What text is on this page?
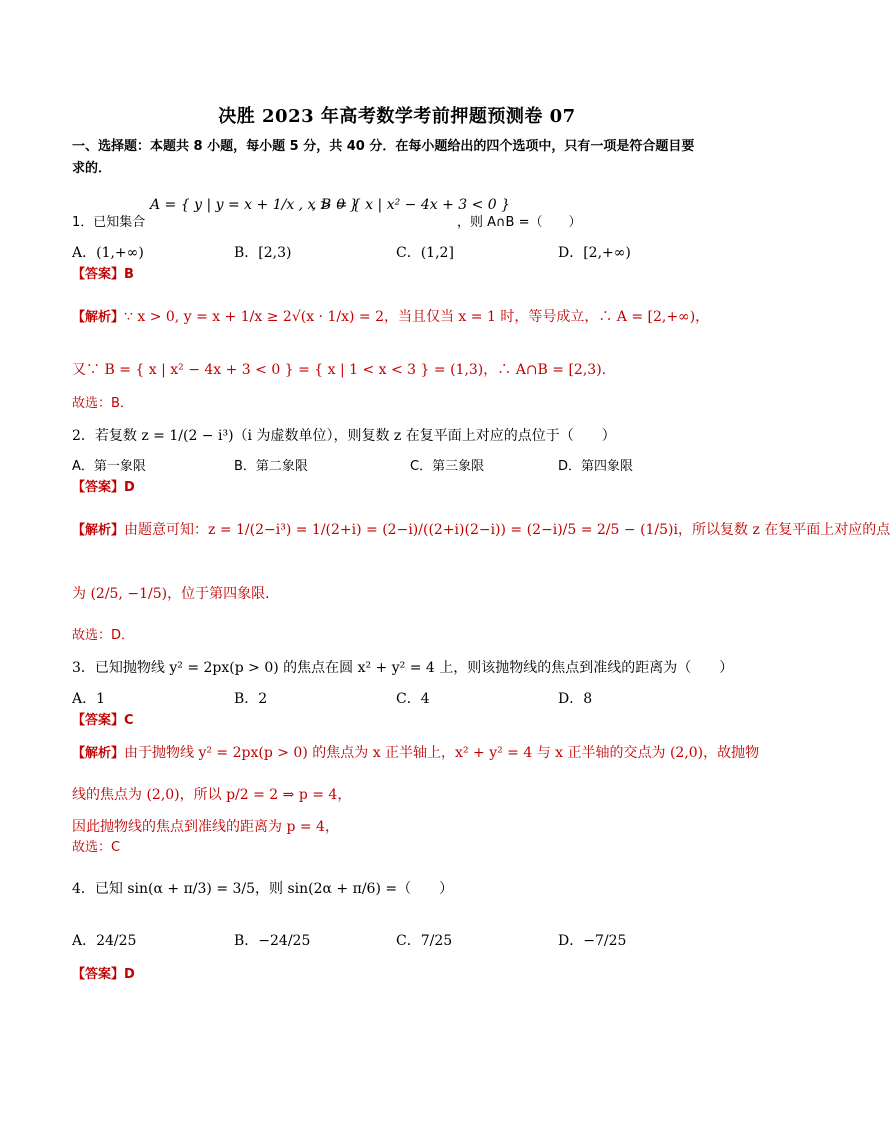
决胜 2023 年高考数学考前押题预测卷 07
一、选择题：本题共 8 小题，每小题 5 分，共 40 分．在每小题给出的四个选项中，只有一项是符合题目要
求的．
1．已知集合
A = { y | y = x + 1/x , x > 0 }
, B = { x | x² − 4x + 3 < 0 }
，则 A∩B =（　　）
A．(1,+∞)	B．[2,3)	C．(1,2]	D．[2,+∞)
【答案】B
【解析】∵ x > 0, y = x + 1/x ≥ 2√(x · 1/x) = 2，当且仅当 x = 1 时，等号成立，∴ A = [2,+∞)，
又∵ B = { x | x² − 4x + 3 < 0 } = { x | 1 < x < 3 } = (1,3)，∴ A∩B = [2,3)．
故选：B．
2．若复数 z = 1/(2 − i³)（i 为虚数单位），则复数 z 在复平面上对应的点位于（　　）
A．第一象限	B．第二象限	C．第三象限	D．第四象限
【答案】D
【解析】由题意可知：z = 1/(2−i³) = 1/(2+i) = (2−i)/((2+i)(2−i)) = (2−i)/5 = 2/5 − (1/5)i，所以复数 z 在复平面上对应的点
为 (2/5, −1/5)，位于第四象限．
故选：D．
3．已知抛物线 y² = 2px(p > 0) 的焦点在圆 x² + y² = 4 上，则该抛物线的焦点到准线的距离为（　　）
A．1	B．2	C．4	D．8
【答案】C
【解析】由于抛物线 y² = 2px(p > 0) 的焦点为 x 正半轴上，x² + y² = 4 与 x 正半轴的交点为 (2,0)，故抛物
线的焦点为 (2,0)，所以 p/2 = 2 ⇒ p = 4，
因此抛物线的焦点到准线的距离为 p = 4，
故选：C
4．已知 sin(α + π/3) = 3/5，则 sin(2α + π/6) =（　　）
A．24/25	B．−24/25	C．7/25	D．−7/25
【答案】D
